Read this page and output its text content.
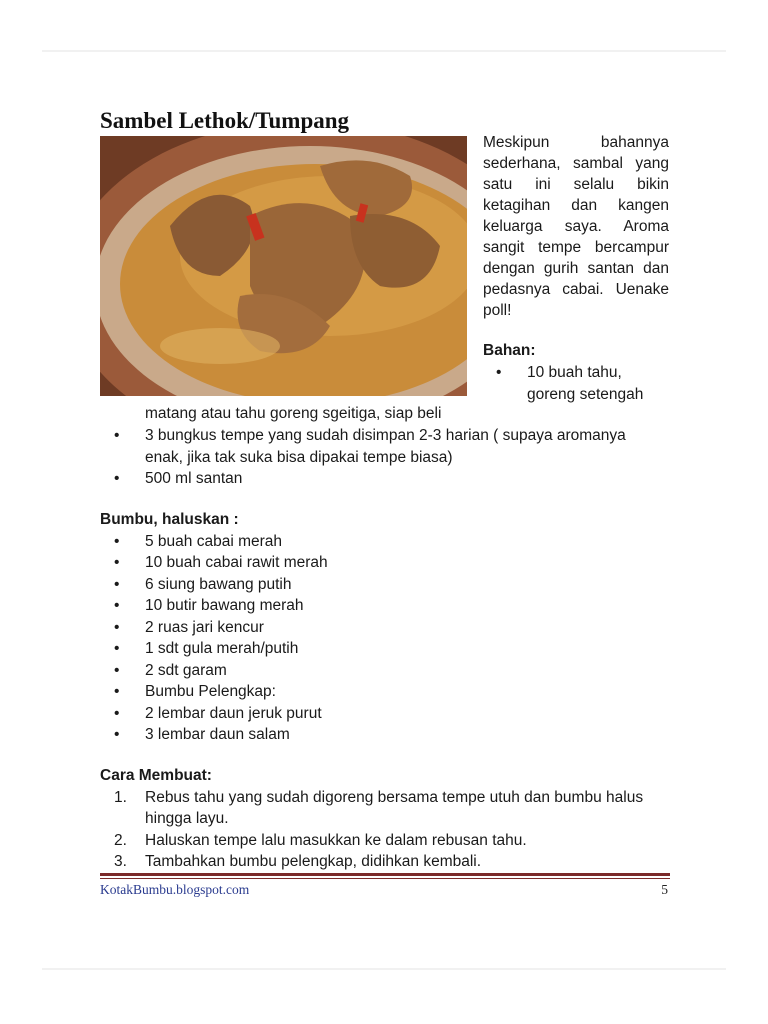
Sambel Lethok/Tumpang

Meskipun bahannya sederhana, sambal yang satu ini selalu bikin ketagihan dan kangen keluarga saya. Aroma sangit tempe bercampur dengan gurih santan dan pedasnya cabai. Uenake poll!

Bahan:
• 10 buah tahu, goreng setengah
matang atau tahu goreng sgeitiga, siap beli
• 3 bungkus tempe yang sudah disimpan 2-3 harian ( supaya aromanya enak, jika tak suka bisa dipakai tempe biasa)
• 500 ml santan

Bumbu, haluskan :

• 5 buah cabai merah
• 10 buah cabai rawit merah
• 6 siung bawang putih
• 10 butir bawang merah
• 2 ruas jari kencur
• 1 sdt gula merah/putih
• 2 sdt garam
• Bumbu Pelengkap:
• 2 lembar daun jeruk purut
• 3 lembar daun salam

Cara Membuat:

1. Rebus tahu yang sudah digoreng bersama tempe utuh dan bumbu halus hingga layu.
2. Haluskan tempe lalu masukkan ke dalam rebusan tahu.
3. Tambahkan bumbu pelengkap, didihkan kembali.
KotakBumbu.blogspot.com	5
